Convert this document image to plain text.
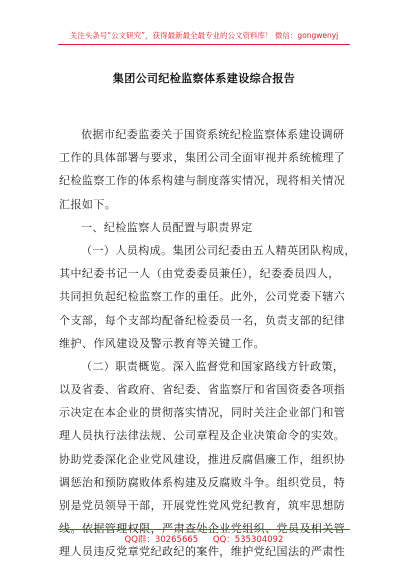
关注头条号“公文研究”，获得最新最全最专业的公文资料库！ 微信：gongwenyj
集团公司纪检监察体系建设综合报告
依据市纪委监委关于国资系统纪检监察体系建设调研
工作的具体部署与要求，集团公司全面审视并系统梳理了
纪检监察工作的体系构建与制度落实情况，现将相关情况
汇报如下。
一、纪检监察人员配置与职责界定
（一）人员构成。集团公司纪委由五人精英团队构成，
其中纪委书记一人（由党委委员兼任），纪委委员四人，
共同担负起纪检监察工作的重任。此外，公司党委下辖六
个支部，每个支部均配备纪检委员一名，负责支部的纪律
维护、作风建设及警示教育等关键工作。
（二）职责概览。深入监督党和国家路线方针政策，
以及省委、省政府、省纪委、省监察厅和省国资委各项指
示决定在本企业的贯彻落实情况，同时关注企业部门和管
理人员执行法律法规、公司章程及企业决策命令的实效。
协助党委深化企业党风建设，推进反腐倡廉工作，组织协
调惩治和预防腐败体系构建及反腐败斗争。组织党员，特
别是党员领导干部，开展党性党风党纪教育，筑牢思想防
线。依据管理权限，严肃查处企业党组织、党员及相关管
理人员违反党章党纪政纪的案件，维护党纪国法的严肃性
QQ群：30265665 QQ：535304092
